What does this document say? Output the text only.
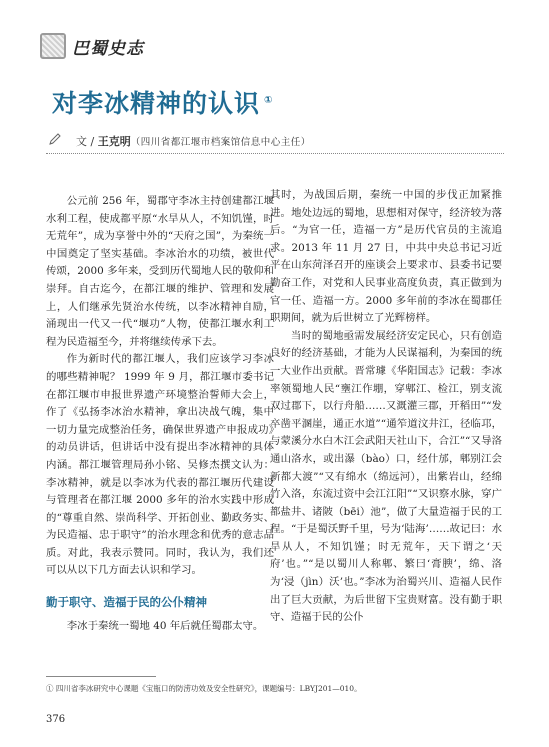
巴蜀史志
对李冰精神的认识 ①
文 / 王克明（四川省都江堰市档案馆信息中心主任）

公元前 256 年，蜀郡守李冰主持创建都江堰水利工程，使成都平原“水旱从人，不知饥馑，时无荒年”，成为享誉中外的“天府之国”，为秦统一中国奠定了坚实基础。李冰治水的功绩，被世代传颂，2000 多年来，受到历代蜀地人民的敬仰和崇拜。自古迄今，在都江堰的维护、管理和发展上，人们继承先贤治水传统，以李冰精神自励，涌现出一代又一代“堰功”人物，使都江堰水利工程为民造福至今，并将继续传承下去。

作为新时代的都江堰人，我们应该学习李冰的哪些精神呢？ 1999 年 9 月，都江堰市委书记在都江堰市申报世界遗产环境整治誓师大会上，作了《弘扬李冰治水精神，拿出决战气魄，集中一切力量完成整治任务，确保世界遗产申报成功》的动员讲话，但讲话中没有提出李冰精神的具体内涵。都江堰管理局孙小铭、吴修杰撰文认为：李冰精神，就是以李冰为代表的都江堰历代建设与管理者在都江堰 2000 多年的治水实践中形成的“尊重自然、崇尚科学、开拓创业、勤政务实、为民造福、忠于职守”的治水理念和优秀的意志品质。对此，我表示赞同。同时，我认为，我们还可以从以下几方面去认识和学习。

勤于职守、造福于民的公仆精神

李冰于秦统一蜀地 40 年后就任蜀郡太守。

其时，为战国后期，秦统一中国的步伐正加紧推进。地处边远的蜀地，思想相对保守，经济较为落后。“为官一任，造福一方”是历代官员的主流追求。2013 年 11 月 27 日，中共中央总书记习近平在山东菏泽召开的座谈会上要求市、县委书记要勤奋工作，对党和人民事业高度负责，真正做到为官一任、造福一方。2000 多年前的李冰在蜀郡任职期间，就为后世树立了光辉榜样。

当时的蜀地亟需发展经济安定民心，只有创造良好的经济基础，才能为人民谋福利，为秦国的统一大业作出贡献。晋常璩《华阳国志》记载：李冰率领蜀地人民“壅江作堋，穿郫江、检江，别支流双过郡下，以行舟船……又溉灌三郡，开稻田”“发卒凿平溷崖，通正水道”“通笮道汶井江，径临邛，与蒙溪分水白木江会武阳天社山下，合江”“又导洛通山洛水，或出瀑（bào）口，经什邡，郫别江会新都大渡”“又有绵水（绵远河），出紫岩山，经绵竹入洛，东流过资中会江江阳”“又识察水脉，穿广都盐井、诸陂（bēi）池”，做了大量造福于民的工程。“于是蜀沃野千里，号为‘陆海’……故记曰：水旱从人，不知饥馑；时无荒年，天下谓之‘天府’也。”“是以蜀川人称郫、繁曰‘膏腴’，绵、洛为‘浸（jìn）沃’也。”李冰为治蜀兴川、造福人民作出了巨大贡献，为后世留下宝贵财富。没有勤于职守、造福于民的公仆

① 四川省李冰研究中心课题《宝瓶口的防涝功效及安全性研究》，课题编号：LBYJ201—010。
376
